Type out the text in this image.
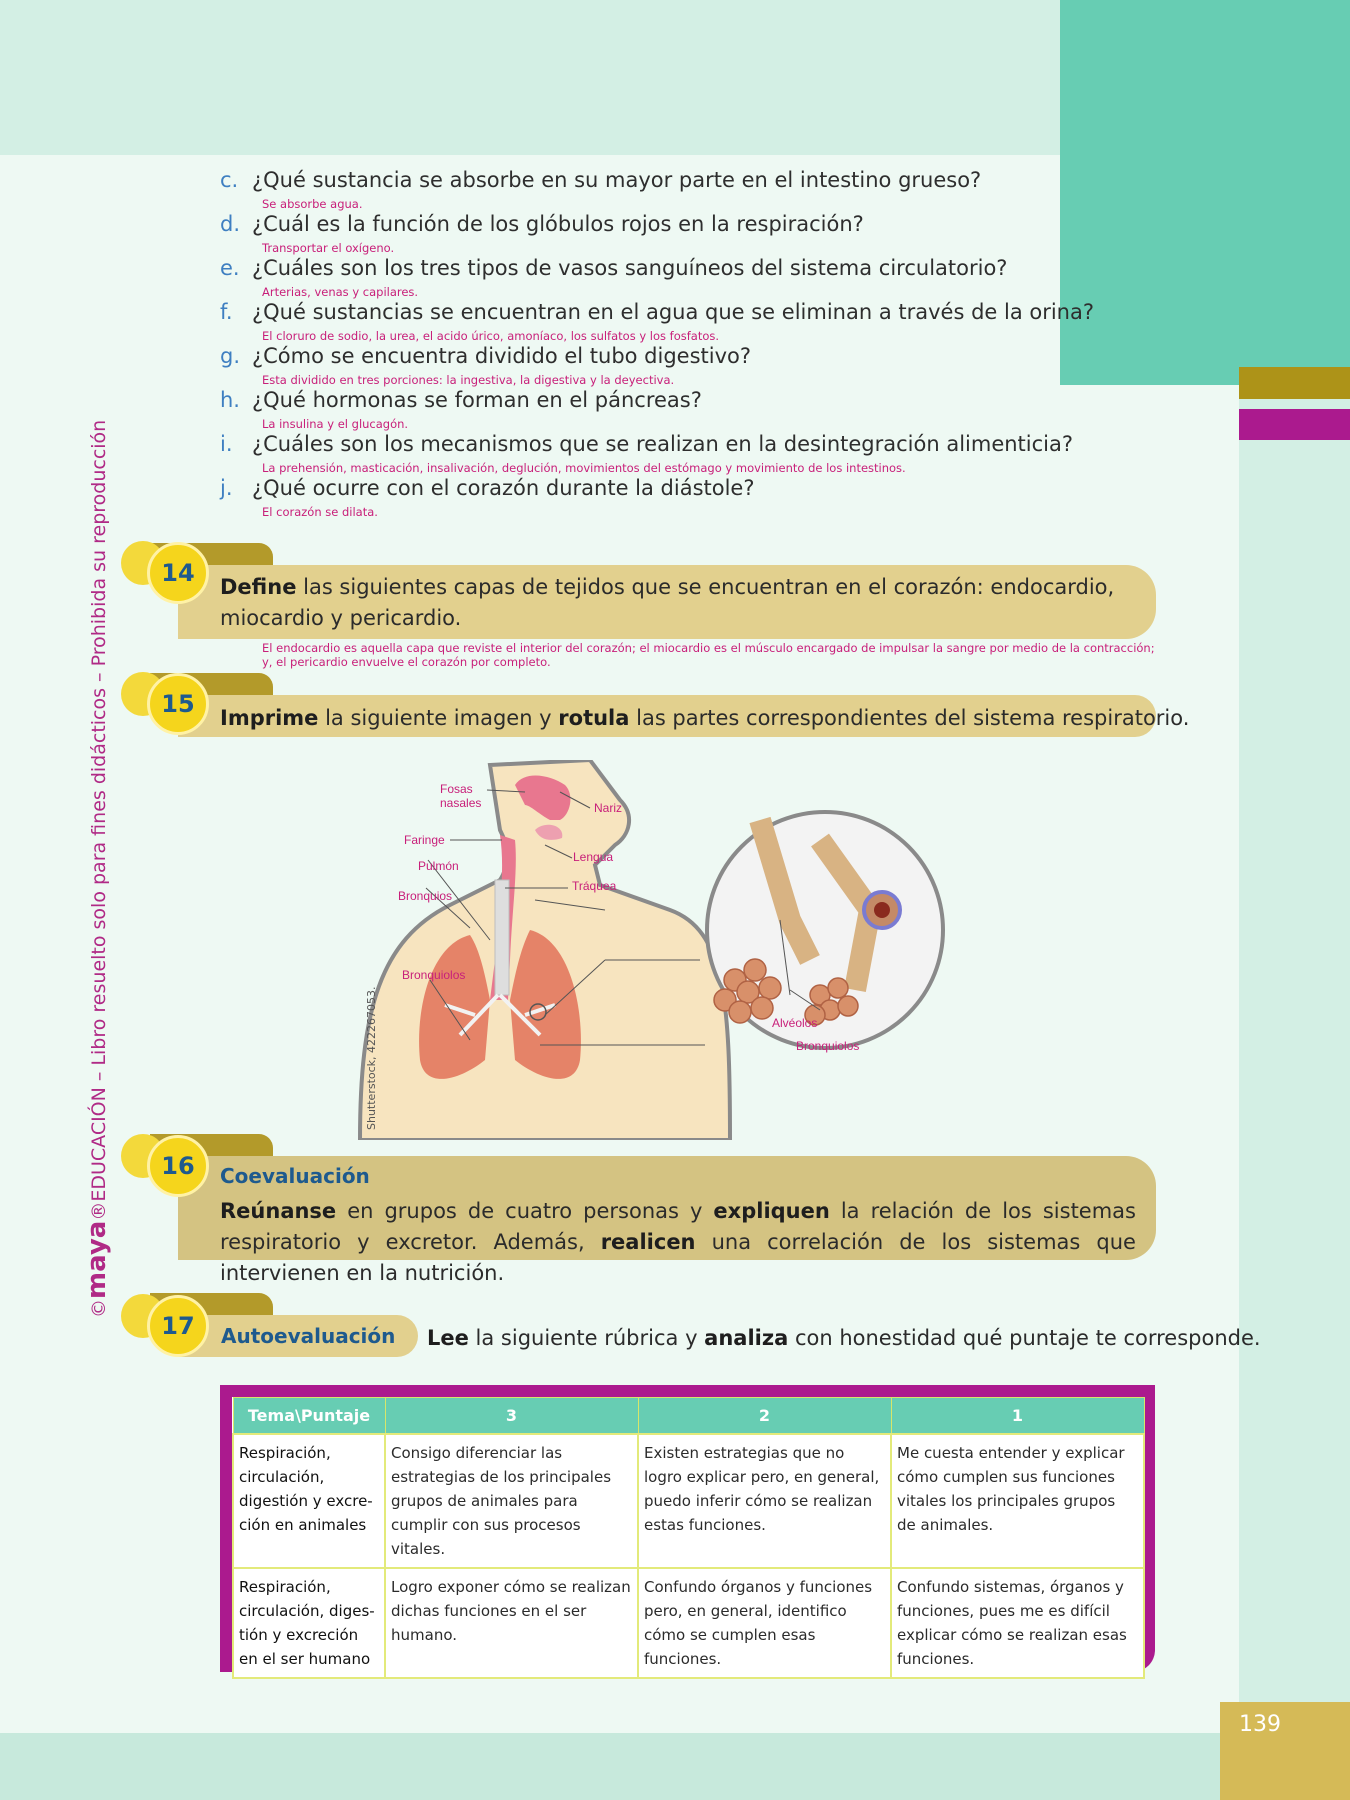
139
©maya®EDUCACIÓN – Libro resuelto solo para fines didácticos – Prohibida su reproducción
c. ¿Qué sustancia se absorbe en su mayor parte en el intestino grueso?
Se absorbe agua.
d. ¿Cuál es la función de los glóbulos rojos en la respiración?
Transportar el oxígeno.
e. ¿Cuáles son los tres tipos de vasos sanguíneos del sistema circulatorio?
Arterias, venas y capilares.
f. ¿Qué sustancias se encuentran en el agua que se eliminan a través de la orina?
El cloruro de sodio, la urea, el acido úrico, amoníaco, los sulfatos y los fosfatos.
g. ¿Cómo se encuentra dividido el tubo digestivo?
Esta dividido en tres porciones: la ingestiva, la digestiva y la deyectiva.
h. ¿Qué hormonas se forman en el páncreas?
La insulina y el glucagón.
i. ¿Cuáles son los mecanismos que se realizan en la desintegración alimenticia?
La prehensión, masticación, insalivación, deglución, movimientos del estómago y movimiento de los intestinos.
j. ¿Qué ocurre con el corazón durante la diástole?
El corazón se dilata.
14	Define las siguientes capas de tejidos que se encuentran en el corazón: endocardio, miocardio y pericardio.
El endocardio es aquella capa que reviste el interior del corazón; el miocardio es el músculo encargado de impulsar la sangre por medio de la contracción; y, el pericardio envuelve el corazón por completo.
15	Imprime la siguiente imagen y rotula las partes correspondientes del sistema respiratorio.
Fosas
nasales	Nariz
Faringe
Lengua
Pulmón
Tráquea
Bronquios
Bronquiolos
Alvéolos
Bronquiolos
Shutterstock, 422267053.
16	Coevaluación
Reúnanse en grupos de cuatro personas y expliquen la relación de los sistemas respiratorio y excretor. Además, realicen una correlación de los sistemas que intervienen en la nutrición.
17	Autoevaluación Lee la siguiente rúbrica y analiza con honestidad qué puntaje te corresponde.
Tema\Puntaje	3	2	1
Respiración, circulación, digestión y excre-ción en animales	Consigo diferenciar las estrategias de los principales grupos de animales para cumplir con sus procesos vitales.	Existen estrategias que no logro explicar pero, en general, puedo inferir cómo se realizan estas funciones.	Me cuesta entender y explicar cómo cumplen sus funciones vitales los principales grupos de animales.
Respiración, circulación, diges-tión y excreción en el ser humano	Logro exponer cómo se realizan dichas funciones en el ser humano.	Confundo órganos y funciones pero, en general, identifico cómo se cumplen esas funciones.	Confundo sistemas, órganos y funciones, pues me es difícil explicar cómo se realizan esas funciones.
